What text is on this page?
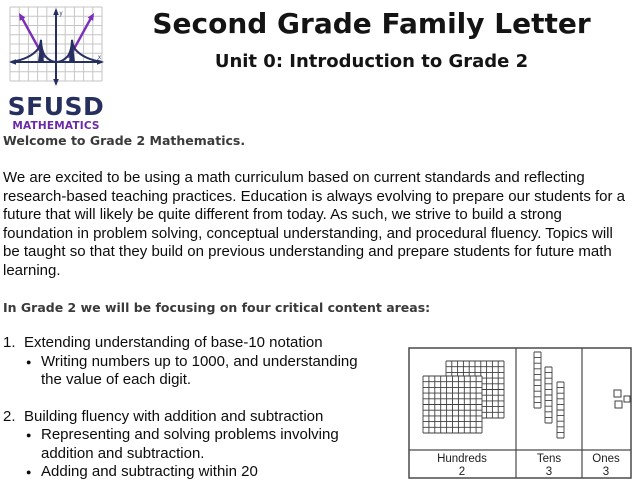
y
x
SFUSD
MATHEMATICS
Second Grade Family Letter
Unit 0: Introduction to Grade 2
Welcome to Grade 2 Mathematics.
We are excited to be using a math curriculum based on current standards and reflecting research-based teaching practices. Education is always evolving to prepare our students for a future that will likely be quite different from today. As such, we strive to build a strong foundation in problem solving, conceptual understanding, and procedural fluency. Topics will be taught so that they build on previous understanding and prepare students for future math learning.
In Grade 2 we will be focusing on four critical content areas:
1. Extending understanding of base-10 notation
● Writing numbers up to 1000, and understanding the value of each digit.
2. Building fluency with addition and subtraction
● Representing and solving problems involving addition and subtraction.
● Adding and subtracting within 20
Hundreds
2
Tens
3
Ones
3
